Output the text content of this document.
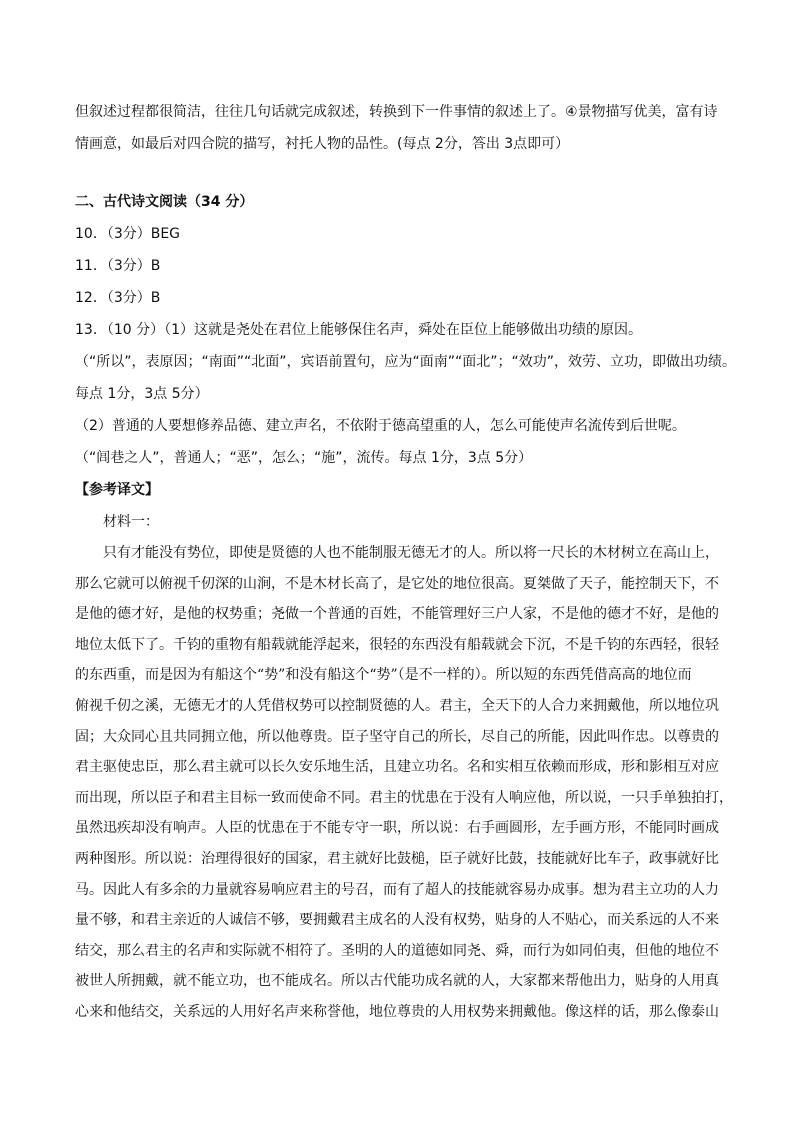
但叙述过程都很简洁，往往几句话就完成叙述，转换到下一件事情的叙述上了。④景物描写优美，富有诗

情画意，如最后对四合院的描写，衬托人物的品性。(每点 2分，答出 3点即可）

二、古代诗文阅读（34 分）

10．（3分）BEG

11．（3分）B

12．（3分）B

13．（10 分）（1）这就是尧处在君位上能够保住名声，舜处在臣位上能够做出功绩的原因。

（“所以”，表原因；“南面”“北面”，宾语前置句，应为“面南”“面北”；“效功”，效劳、立功，即做出功绩。

每点 1分，3点 5分）

（2）普通的人要想修养品德、建立声名，不依附于德高望重的人，怎么可能使声名流传到后世呢。

（“闾巷之人”，普通人；“恶”，怎么；“施”，流传。每点 1分，3点 5分）

【参考译文】

材料一：

只有才能没有势位，即使是贤德的人也不能制服无德无才的人。所以将一尺长的木材树立在高山上，

那么它就可以俯视千仞深的山涧，不是木材长高了，是它处的地位很高。夏桀做了天子，能控制天下，不

是他的德才好，是他的权势重；尧做一个普通的百姓，不能管理好三户人家，不是他的德才不好，是他的

地位太低下了。千钧的重物有船载就能浮起来，很轻的东西没有船载就会下沉，不是千钧的东西轻，很轻

的东西重，而是因为有船这个“势”和没有船这个“势”（是不一样的）。所以短的东西凭借高高的地位而

俯视千仞之溪，无德无才的人凭借权势可以控制贤德的人。君主，全天下的人合力来拥戴他，所以地位巩

固；大众同心且共同拥立他，所以他尊贵。臣子坚守自己的所长，尽自己的所能，因此叫作忠。以尊贵的

君主驱使忠臣，那么君主就可以长久安乐地生活，且建立功名。名和实相互依赖而形成，形和影相互对应

而出现，所以臣子和君主目标一致而使命不同。君主的忧患在于没有人响应他，所以说，一只手单独拍打，

虽然迅疾却没有响声。人臣的忧患在于不能专守一职，所以说：右手画圆形，左手画方形，不能同时画成

两种图形。所以说：治理得很好的国家，君主就好比鼓槌，臣子就好比鼓，技能就好比车子，政事就好比

马。因此人有多余的力量就容易响应君主的号召，而有了超人的技能就容易办成事。想为君主立功的人力

量不够，和君主亲近的人诚信不够，要拥戴君主成名的人没有权势，贴身的人不贴心，而关系远的人不来

结交，那么君主的名声和实际就不相符了。圣明的人的道德如同尧、舜，而行为如同伯夷，但他的地位不

被世人所拥戴，就不能立功，也不能成名。所以古代能功成名就的人，大家都来帮他出力，贴身的人用真

心来和他结交，关系远的人用好名声来称誉他，地位尊贵的人用权势来拥戴他。像这样的话，那么像泰山
